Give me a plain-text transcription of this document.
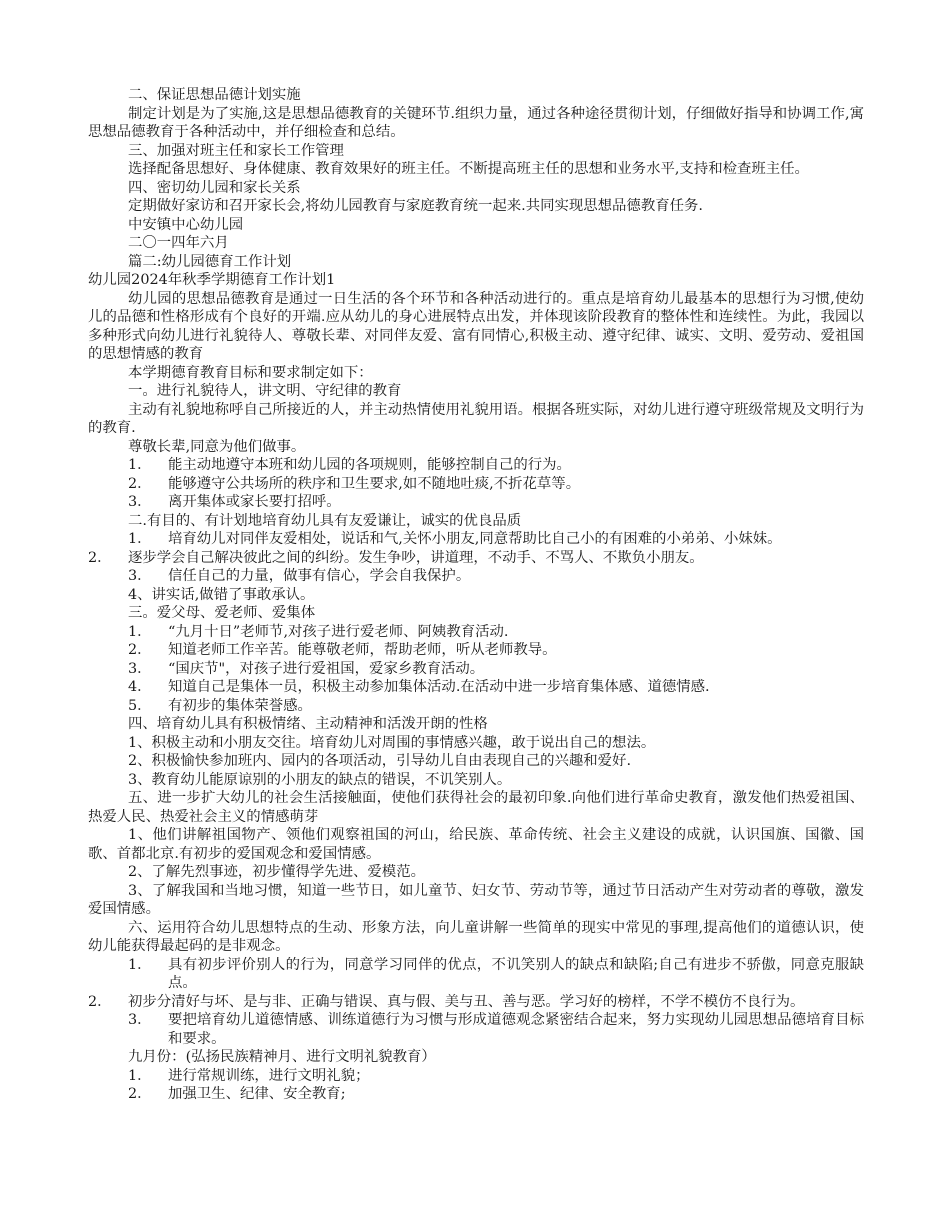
二、保证思想品德计划实施

制定计划是为了实施,这是思想品德教育的关键环节.组织力量，通过各种途径贯彻计划，仔细做好指导和协调工作,寓思想品德教育于各种活动中，并仔细检查和总结。

三、加强对班主任和家长工作管理

选择配备思想好、身体健康、教育效果好的班主任。不断提高班主任的思想和业务水平,支持和检查班主任。

四、密切幼儿园和家长关系

定期做好家访和召开家长会,将幼儿园教育与家庭教育统一起来.共同实现思想品德教育任务.

中安镇中心幼儿园

二〇一四年六月

篇二:幼儿园德育工作计划

幼儿园2024年秋季学期德育工作计划1

幼儿园的思想品德教育是通过一日生活的各个环节和各种活动进行的。重点是培育幼儿最基本的思想行为习惯,使幼儿的品德和性格形成有个良好的开端.应从幼儿的身心进展特点出发，并体现该阶段教育的整体性和连续性。为此，我园以多种形式向幼儿进行礼貌待人、尊敬长辈、对同伴友爱、富有同情心,积极主动、遵守纪律、诚实、文明、爱劳动、爱祖国的思想情感的教育

本学期德育教育目标和要求制定如下：

一。进行礼貌待人，讲文明、守纪律的教育

主动有礼貌地称呼自己所接近的人，并主动热情使用礼貌用语。根据各班实际，对幼儿进行遵守班级常规及文明行为的教育.

尊敬长辈,同意为他们做事。

1．	能主动地遵守本班和幼儿园的各项规则，能够控制自己的行为。
2．	能够遵守公共场所的秩序和卫生要求,如不随地吐痰,不折花草等。
3．	离开集体或家长要打招呼。

二.有目的、有计划地培育幼儿具有友爱谦让，诚实的优良品质

1．	培育幼儿对同伴友爱相处，说话和气,关怀小朋友,同意帮助比自己小的有困难的小弟弟、小妹妹。
2．	逐步学会自己解决彼此之间的纠纷。发生争吵，讲道理，不动手、不骂人、不欺负小朋友。
3．	信任自己的力量，做事有信心，学会自我保护。

4、讲实话,做错了事敢承认。

三。爱父母、爱老师、爱集体

1．	“九月十日”老师节,对孩子进行爱老师、阿姨教育活动.
2．	知道老师工作辛苦。能尊敬老师，帮助老师，听从老师教导。
3．	“国庆节"，对孩子进行爱祖国，爱家乡教育活动。
4．	知道自己是集体一员，积极主动参加集体活动.在活动中进一步培育集体感、道德情感.
5．	有初步的集体荣誉感。

四、培育幼儿具有积极情绪、主动精神和活泼开朗的性格

1、积极主动和小朋友交往。培育幼儿对周围的事情感兴趣，敢于说出自己的想法。

2、积极愉快参加班内、园内的各项活动，引导幼儿自由表现自己的兴趣和爱好.

3、教育幼儿能原谅别的小朋友的缺点的错误，不讥笑别人。

五、进一步扩大幼儿的社会生活接触面，使他们获得社会的最初印象.向他们进行革命史教育，激发他们热爱祖国、热爱人民、热爱社会主义的情感萌芽

1、他们讲解祖国物产、领他们观察祖国的河山，给民族、革命传统、社会主义建设的成就，认识国旗、国徽、国歌、首都北京.有初步的爱国观念和爱国情感。

2、了解先烈事迹，初步懂得学先进、爱模范。

3、了解我国和当地习惯，知道一些节日，如儿童节、妇女节、劳动节等，通过节日活动产生对劳动者的尊敬，激发爱国情感。

六、运用符合幼儿思想特点的生动、形象方法，向儿童讲解一些简单的现实中常见的事理,提高他们的道德认识，使幼儿能获得最起码的是非观念。

1．	具有初步评价别人的行为，同意学习同伴的优点，不讥笑别人的缺点和缺陷;自己有进步不骄傲，同意克服缺点。
2．	初步分清好与坏、是与非、正确与错误、真与假、美与丑、善与恶。学习好的榜样，不学不模仿不良行为。
3．	要把培育幼儿道德情感、训练道德行为习惯与形成道德观念紧密结合起来，努力实现幼儿园思想品德培育目标和要求。

九月份：(弘扬民族精神月、进行文明礼貌教育）

1．	进行常规训练，进行文明礼貌；
2．	加强卫生、纪律、安全教育;
